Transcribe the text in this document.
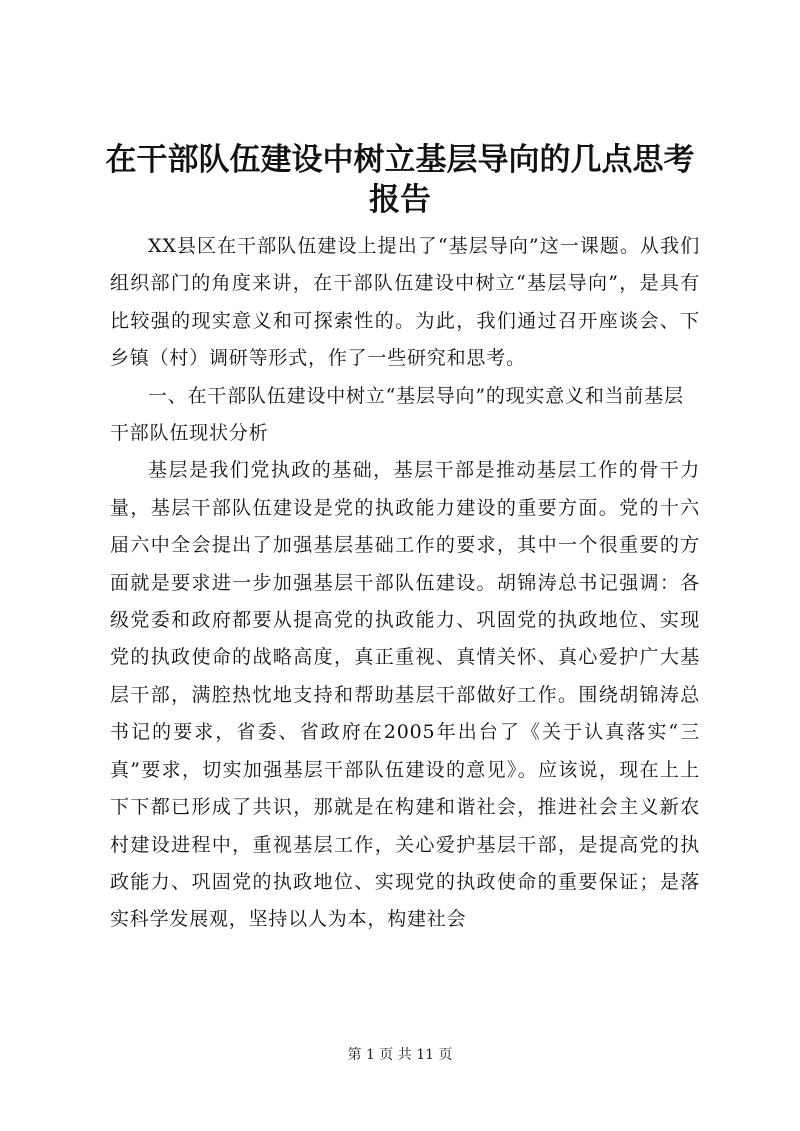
在干部队伍建设中树立基层导向的几点思考报告

XX县区在干部队伍建设上提出了“基层导向”这一课题。从我们组织部门的角度来讲，在干部队伍建设中树立“基层导向”，是具有比较强的现实意义和可探索性的。为此，我们通过召开座谈会、下乡镇（村）调研等形式，作了一些研究和思考。

一、在干部队伍建设中树立“基层导向”的现实意义和当前基层干部队伍现状分析

基层是我们党执政的基础，基层干部是推动基层工作的骨干力量，基层干部队伍建设是党的执政能力建设的重要方面。党的十六届六中全会提出了加强基层基础工作的要求，其中一个很重要的方面就是要求进一步加强基层干部队伍建设。胡锦涛总书记强调：各级党委和政府都要从提高党的执政能力、巩固党的执政地位、实现党的执政使命的战略高度，真正重视、真情关怀、真心爱护广大基层干部，满腔热忱地支持和帮助基层干部做好工作。围绕胡锦涛总书记的要求，省委、省政府在2005年出台了《关于认真落实“三真”要求，切实加强基层干部队伍建设的意见》。应该说，现在上上下下都已形成了共识，那就是在构建和谐社会，推进社会主义新农村建设进程中，重视基层工作，关心爱护基层干部，是提高党的执政能力、巩固党的执政地位、实现党的执政使命的重要保证；是落实科学发展观，坚持以人为本，构建社会

第 1 页 共 11 页
